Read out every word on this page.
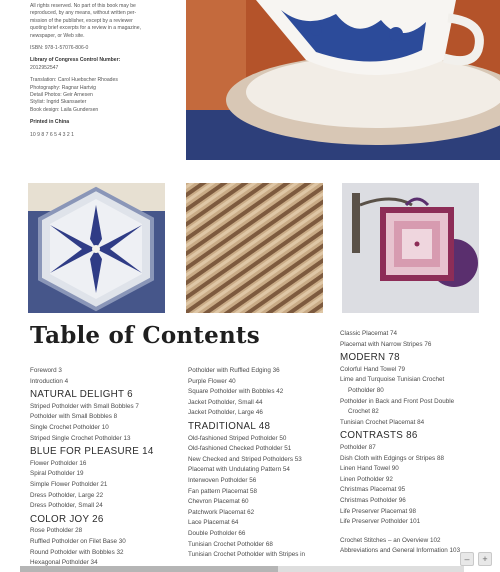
All rights reserved. No part of this book may be

reproduced, by any means, without written per-

mission of the publisher, except by a reviewer

quoting brief excerpts for a review in a magazine,

newspaper, or Web site.

ISBN: 978-1-57076-806-0

Library of Congress Control Number:

2012952547

Translation: Carol Huebscher Rhoades

Photography: Ragnar Hartvig

Detail Photos: Geir Arnesen

Stylist: Ingrid Skansaeter

Book design: Laila Gundersen

Printed in China

10 9 8 7 6 5 4 3 2 1

Table of Contents
Foreword 3
Introduction 4
NATURAL DELIGHT 6
Striped Potholder with Small Bobbles 7
Potholder with Small Bobbles 8
Single Crochet Potholder 10
Striped Single Crochet Potholder 13
BLUE FOR PLEASURE 14
Flower Potholder 16
Spiral Potholder 19
Simple Flower Potholder 21
Dress Potholder, Large 22
Dress Potholder, Small 24
COLOR JOY 26
Rose Potholder 28
Ruffled Potholder on Filet Base 30
Round Potholder with Bobbles 32
Hexagonal Potholder 34
Potholder with Ruffled Edging 36
Purple Flower 40
Square Potholder with Bobbles 42
Jacket Potholder, Small 44
Jacket Potholder, Large 46
TRADITIONAL 48
Old-fashioned Striped Potholder 50
Old-fashioned Checked Potholder 51
New Checked and Striped Potholders 53
Placemat with Undulating Pattern 54
Interwoven Potholder 56
Fan pattern Placemat 58
Chevron Placemat 60
Patchwork Placemat 62
Lace Placemat 64
Double Potholder 66
Tunisian Crochet Potholder 68
Tunisian Crochet Potholder with Stripes in
Classic Placemat 74
Placemat with Narrow Stripes 76
MODERN 78
Colorful Hand Towel 79
Lime and Turquoise Tunisian Crochet
Potholder 80
Potholder in Back and Front Post Double
Crochet 82
Tunisian Crochet Placemat 84
CONTRASTS 86
Potholder 87
Dish Cloth with Edgings or Stripes 88
Linen Hand Towel 90
Linen Potholder 92
Christmas Placemat 95
Christmas Potholder 96
Life Preserver Placemat 98
Life Preserver Potholder 101
Crochet Stitches – an Overview 102
Abbreviations and General Information 103
–	+
